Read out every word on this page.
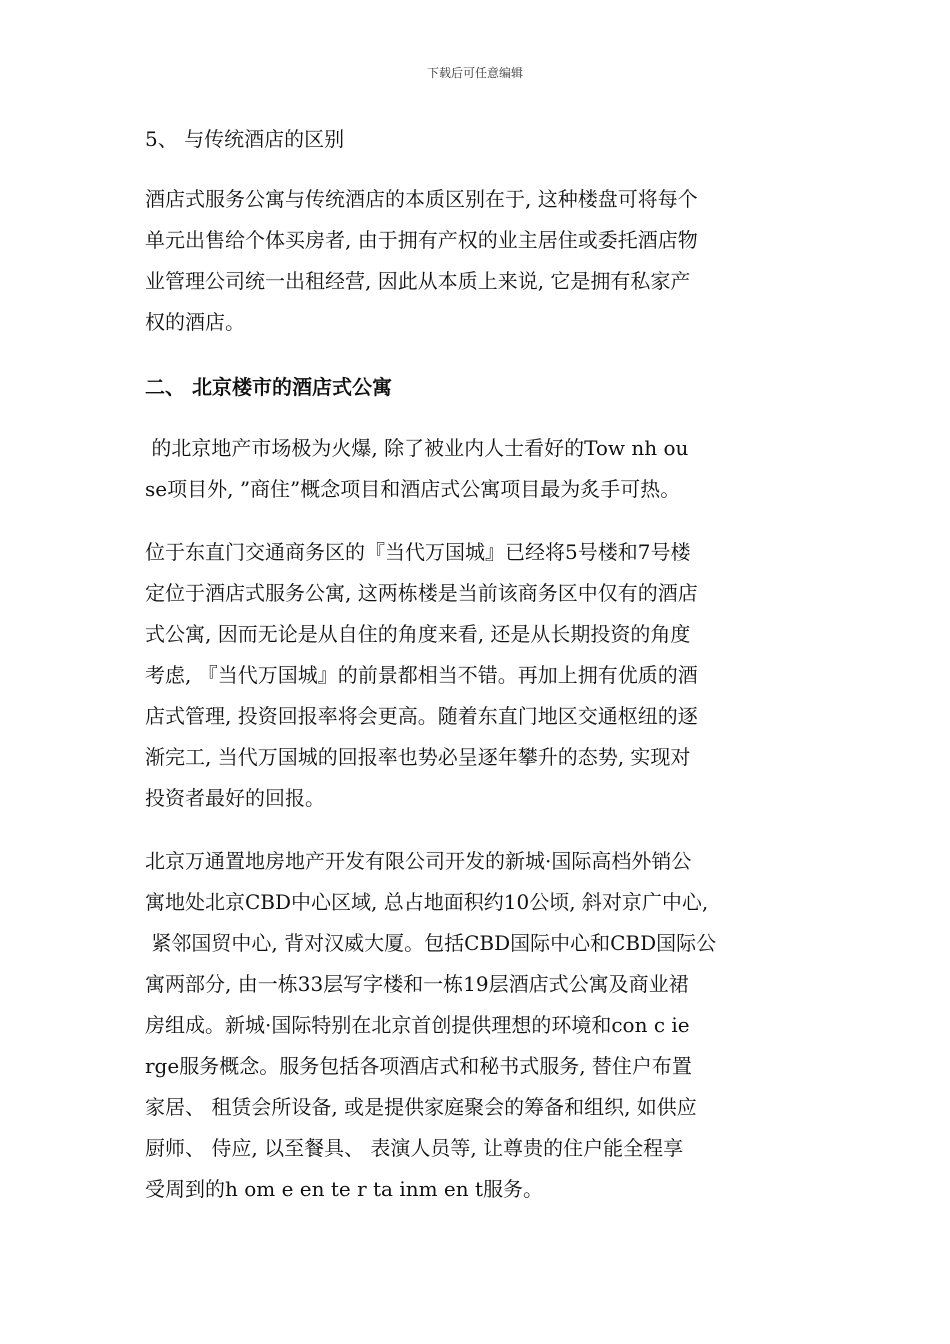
下载后可任意编辑
5、 与传统酒店的区别
酒店式服务公寓与传统酒店的本质区别在于, 这种楼盘可将每个
单元出售给个体买房者, 由于拥有产权的业主居住或委托酒店物
业管理公司统一出租经营, 因此从本质上来说, 它是拥有私家产
权的酒店。
二、 北京楼市的酒店式公寓
的北京地产市场极为火爆, 除了被业内人士看好的Tow nh ou
se项目外, ”商住”概念项目和酒店式公寓项目最为炙手可热。
位于东直门交通商务区的『当代万国城』已经将5号楼和7号楼
定位于酒店式服务公寓, 这两栋楼是当前该商务区中仅有的酒店
式公寓, 因而无论是从自住的角度来看, 还是从长期投资的角度
考虑, 『当代万国城』的前景都相当不错。再加上拥有优质的酒
店式管理, 投资回报率将会更高。随着东直门地区交通枢纽的逐
渐完工, 当代万国城的回报率也势必呈逐年攀升的态势, 实现对
投资者最好的回报。
北京万通置地房地产开发有限公司开发的新城·国际高档外销公
寓地处北京CBD中心区域, 总占地面积约10公顷, 斜对京广中心,
紧邻国贸中心, 背对汉威大厦。包括CBD国际中心和CBD国际公
寓两部分, 由一栋33层写字楼和一栋19层酒店式公寓及商业裙
房组成。新城·国际特别在北京首创提供理想的环境和con c ie
rge服务概念。服务包括各项酒店式和秘书式服务, 替住户布置
家居、 租赁会所设备, 或是提供家庭聚会的筹备和组织, 如供应
厨师、 侍应, 以至餐具、 表演人员等, 让尊贵的住户能全程享
受周到的h om e en te r ta inm en t服务。
